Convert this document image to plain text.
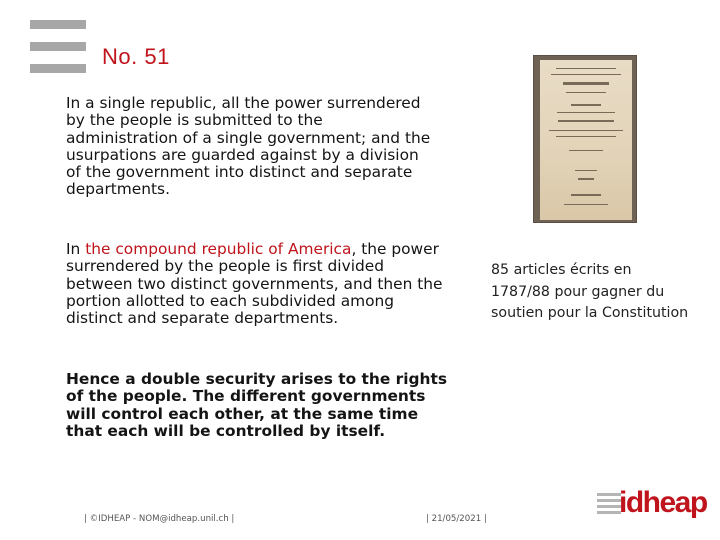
No. 51
In a single republic, all the power surrendered by the people is submitted to the administration of a single government; and the usurpations are guarded against by a division of the government into distinct and separate departments.
In the compound republic of America, the power surrendered by the people is first divided between two distinct governments, and then the portion allotted to each subdivided among distinct and separate departments.
Hence a double security arises to the rights of the people. The different governments will control each other, at the same time that each will be controlled by itself.
85 articles écrits en 1787/88 pour gagner du soutien pour la Constitution
| ©IDHEAP - NOM@idheap.unil.ch |	| 21/05/2021 |	idheap
